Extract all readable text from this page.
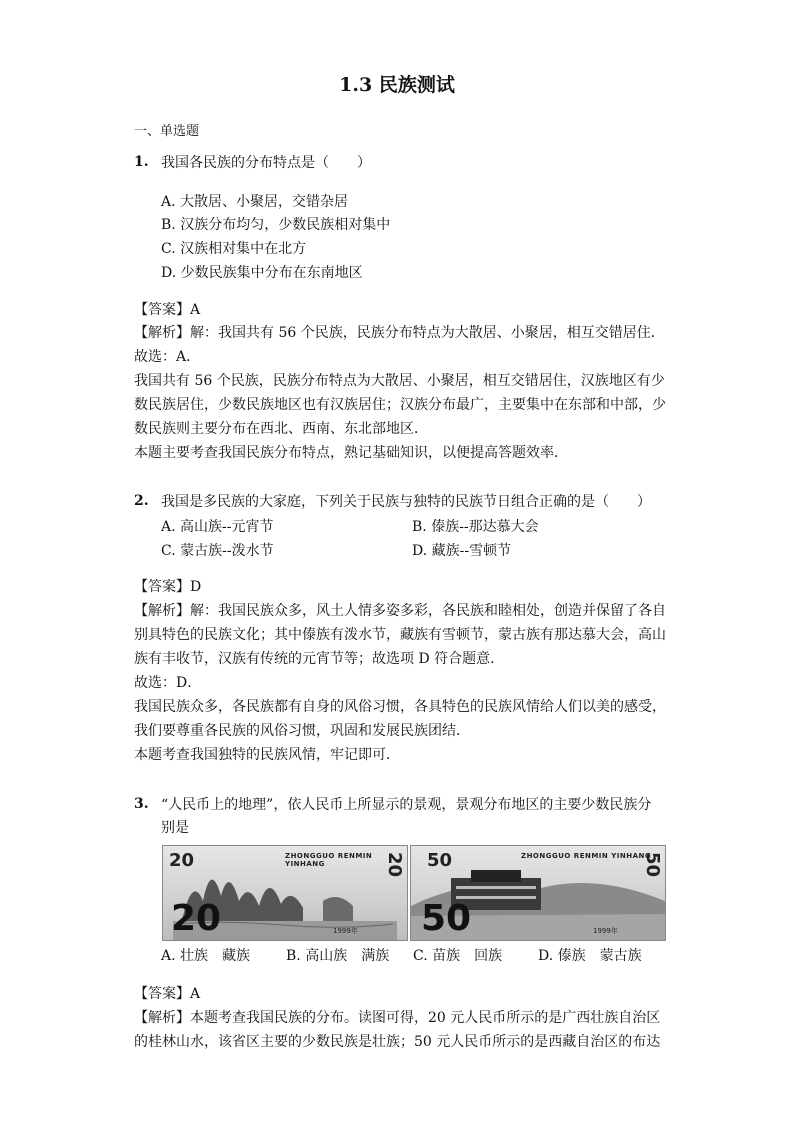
1.3 民族测试
一、单选题
1. 我国各民族的分布特点是（　　）
A. 大散居、小聚居，交错杂居
B. 汉族分布均匀，少数民族相对集中
C. 汉族相对集中在北方
D. 少数民族集中分布在东南地区
【答案】A
【解析】解：我国共有 56 个民族，民族分布特点为大散居、小聚居，相互交错居住．
故选：A．
我国共有 56 个民族，民族分布特点为大散居、小聚居，相互交错居住，汉族地区有少
数民族居住，少数民族地区也有汉族居住；汉族分布最广，主要集中在东部和中部，少
数民族则主要分布在西北、西南、东北部地区．
本题主要考查我国民族分布特点，熟记基础知识，以便提高答题效率．
2. 我国是多民族的大家庭，下列关于民族与独特的民族节日组合正确的是（　　）
A. 高山族--元宵节	B. 傣族--那达慕大会
C. 蒙古族--泼水节	D. 藏族--雪顿节
【答案】D
【解析】解：我国民族众多，风土人情多姿多彩，各民族和睦相处，创造并保留了各自
别具特色的民族文化；其中傣族有泼水节，藏族有雪顿节，蒙古族有那达慕大会，高山
族有丰收节，汉族有传统的元宵节等；故选项 D 符合题意．
故选：D．
我国民族众多，各民族都有自身的风俗习惯，各具特色的民族风情给人们以美的感受，
我们要尊重各民族的风俗习惯，巩固和发展民族团结．
本题考查我国独特的民族风情，牢记即可．
3. “人民币上的地理”，依人民币上所显示的景观，景观分布地区的主要少数民族分
别是
20
20
ZHONGGUO RENMIN YINHANG
1999年
20 50
50
ZHONGGUO RENMIN YINHANG
1999年
50
A. 壮族　藏族	B. 高山族　满族 C. 苗族　回族	D. 傣族　蒙古族
【答案】A
【解析】本题考查我国民族的分布。读图可得，20 元人民币所示的是广西壮族自治区
的桂林山水，该省区主要的少数民族是壮族；50 元人民币所示的是西藏自治区的布达
